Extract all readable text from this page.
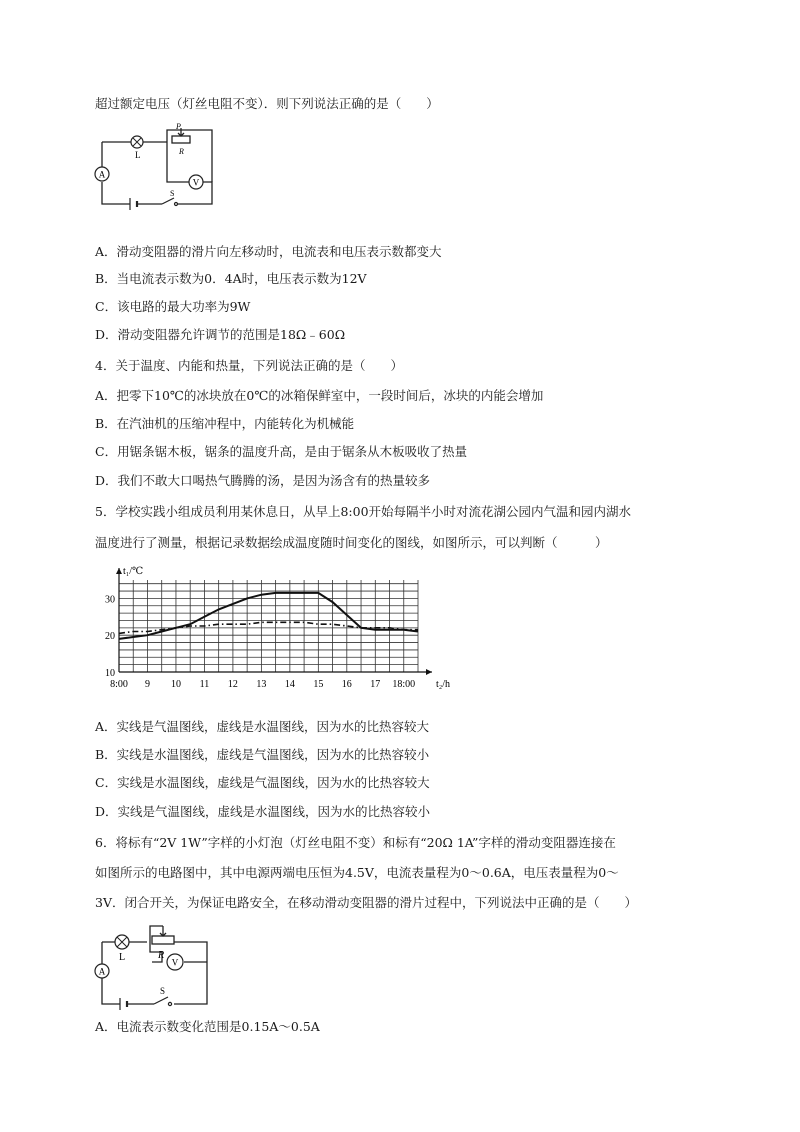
超过额定电压（灯丝电阻不变）．则下列说法正确的是（　　）
A
V
L	R
P
S
A．滑动变阻器的滑片向左移动时，电流表和电压表示数都变大
B．当电流表示数为0．4A时，电压表示数为12V
C．该电路的最大功率为9W
D．滑动变阻器允许调节的范围是18Ω﹣60Ω
4．关于温度、内能和热量，下列说法正确的是（　　）
A．把零下10℃的冰块放在0℃的冰箱保鲜室中，一段时间后，冰块的内能会增加
B．在汽油机的压缩冲程中，内能转化为机械能
C．用锯条锯木板，锯条的温度升高，是由于锯条从木板吸收了热量
D．我们不敢大口喝热气腾腾的汤，是因为汤含有的热量较多
5．学校实践小组成员利用某休息日，从早上8:00开始每隔半小时对流花湖公园内气温和园内湖水
温度进行了测量，根据记录数据绘成温度随时间变化的图线，如图所示，可以判断（　　　）
10
20
30
8:00 9 10 11 12 13 14 15 16 17 18:00
t₁/℃
t₂/h
A．实线是气温图线，虚线是水温图线，因为水的比热容较大
B．实线是水温图线，虚线是气温图线，因为水的比热容较小
C．实线是水温图线，虚线是气温图线，因为水的比热容较大
D．实线是气温图线，虚线是水温图线，因为水的比热容较小
6．将标有“2V 1W”字样的小灯泡（灯丝电阻不变）和标有“20Ω 1A”字样的滑动变阻器连接在
如图所示的电路图中，其中电源两端电压恒为4.5V，电流表量程为0～0.6A，电压表量程为0～
3V．闭合开关，为保证电路安全，在移动滑动变阻器的滑片过程中，下列说法中正确的是（　　）
A
V
L	R
S
A．电流表示数变化范围是0.15A～0.5A
